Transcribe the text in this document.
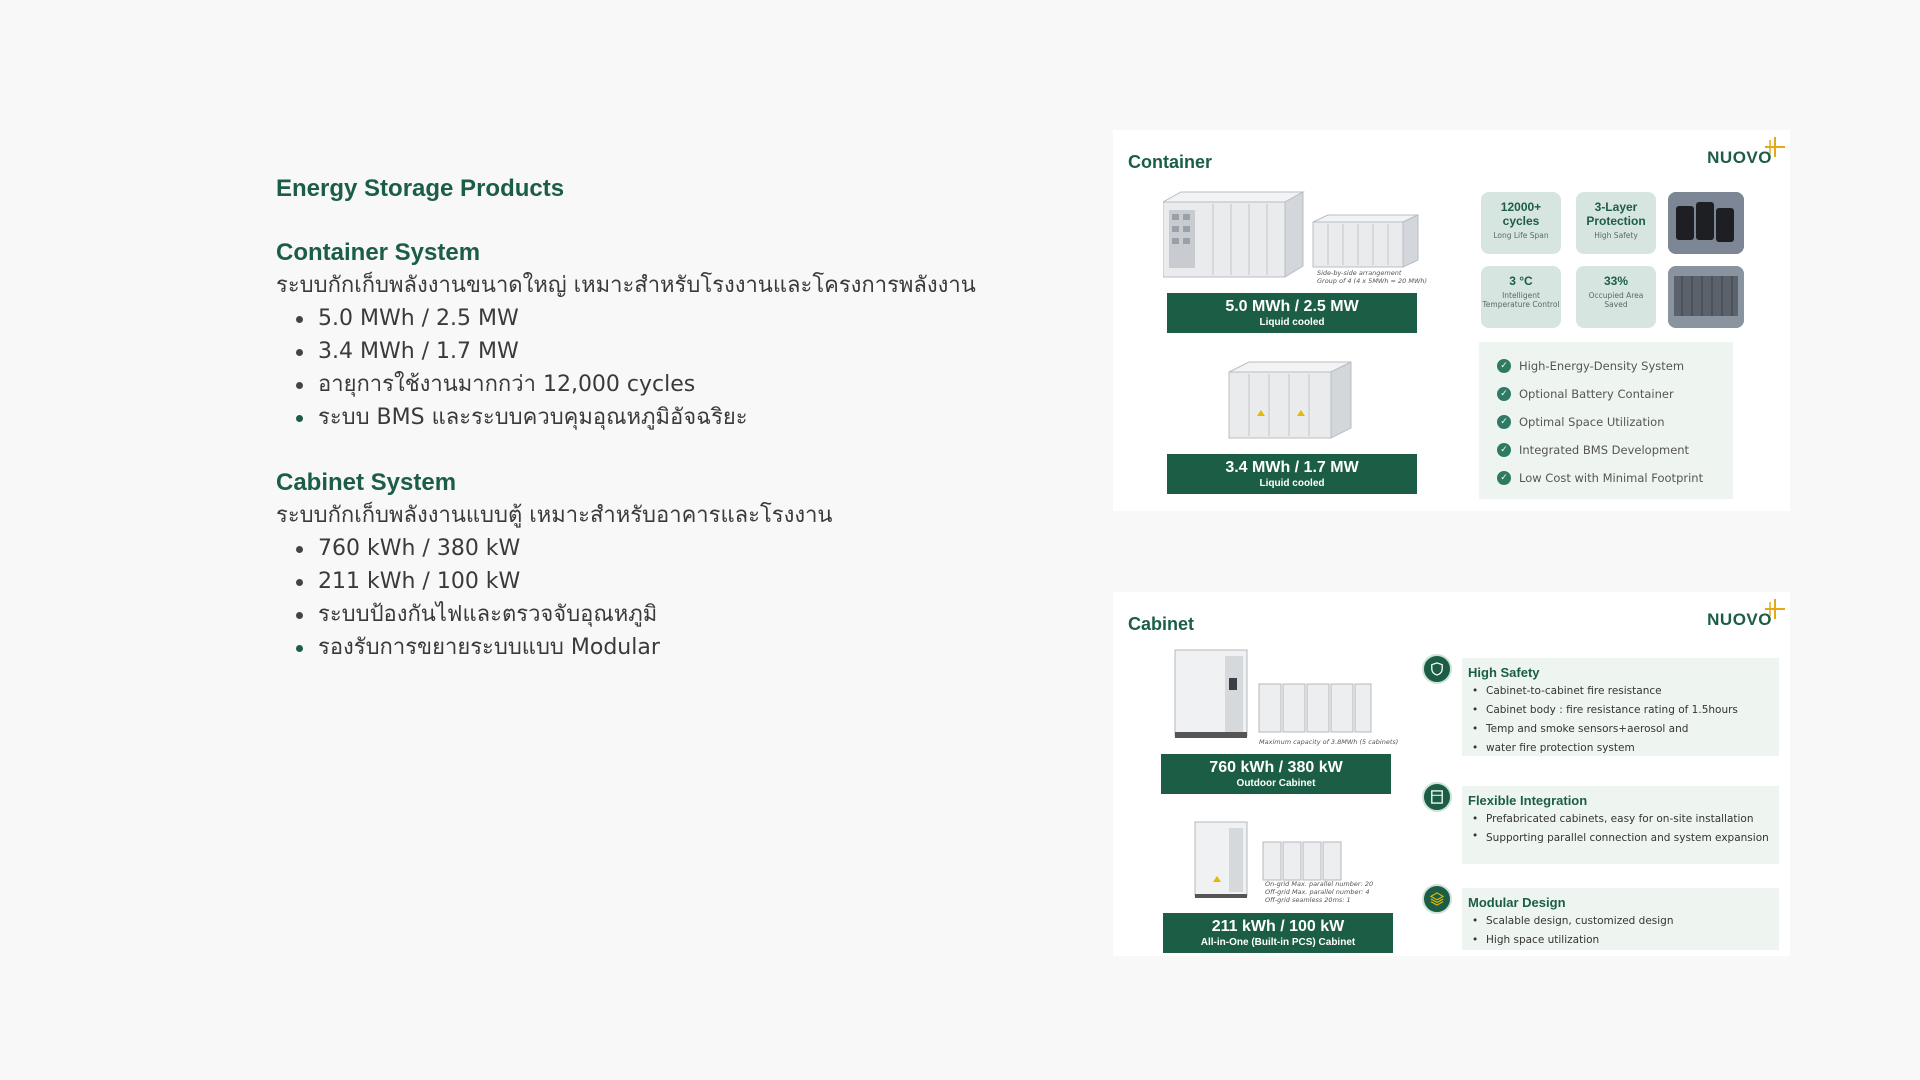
Energy Storage Products
Container System

ระบบกักเก็บพลังงานขนาดใหญ่ เหมาะสำหรับโรงงานและโครงการพลังงาน

5.0 MWh / 2.5 MW
3.4 MWh / 1.7 MW
อายุการใช้งานมากกว่า 12,000 cycles
ระบบ BMS และระบบควบคุมอุณหภูมิอัจฉริยะ
Cabinet System

ระบบกักเก็บพลังงานแบบตู้ เหมาะสำหรับอาคารและโรงงาน

760 kWh / 380 kW
211 kWh / 100 kW
ระบบป้องกันไฟและตรวจจับอุณหภูมิ
รองรับการขยายระบบแบบ Modular
Container	NUOVO
Side-by-side arrangement
Group of 4 (4 x 5MWh = 20 MWh)
5.0 MWh / 2.5 MW
Liquid cooled
3.4 MWh / 1.7 MW
Liquid cooled
12000+ cycles
Long Life Span
3-Layer Protection
High Safety
3 °C
Intelligent Temperature Control
33%
Occupied Area Saved
✓ High-Energy-Density System
✓ Optional Battery Container
✓ Optimal Space Utilization
✓ Integrated BMS Development
✓ Low Cost with Minimal Footprint
Cabinet	NUOVO
Maximum capacity of 3.8MWh (5 cabinets)
760 kWh / 380 kW
Outdoor Cabinet
On-grid Max. parallel number: 20
Off-grid Max. parallel number: 4
Off-grid seamless 20ms: 1
211 kWh / 100 kW
All-in-One (Built-in PCS) Cabinet
High Safety
• Cabinet-to-cabinet fire resistance
• Cabinet body : fire resistance rating of 1.5hours
• Temp and smoke sensors+aerosol and
• water fire protection system
Flexible Integration
• Prefabricated cabinets, easy for on-site installation
• Supporting parallel connection and system expansion
Modular Design
• Scalable design, customized design
• High space utilization
